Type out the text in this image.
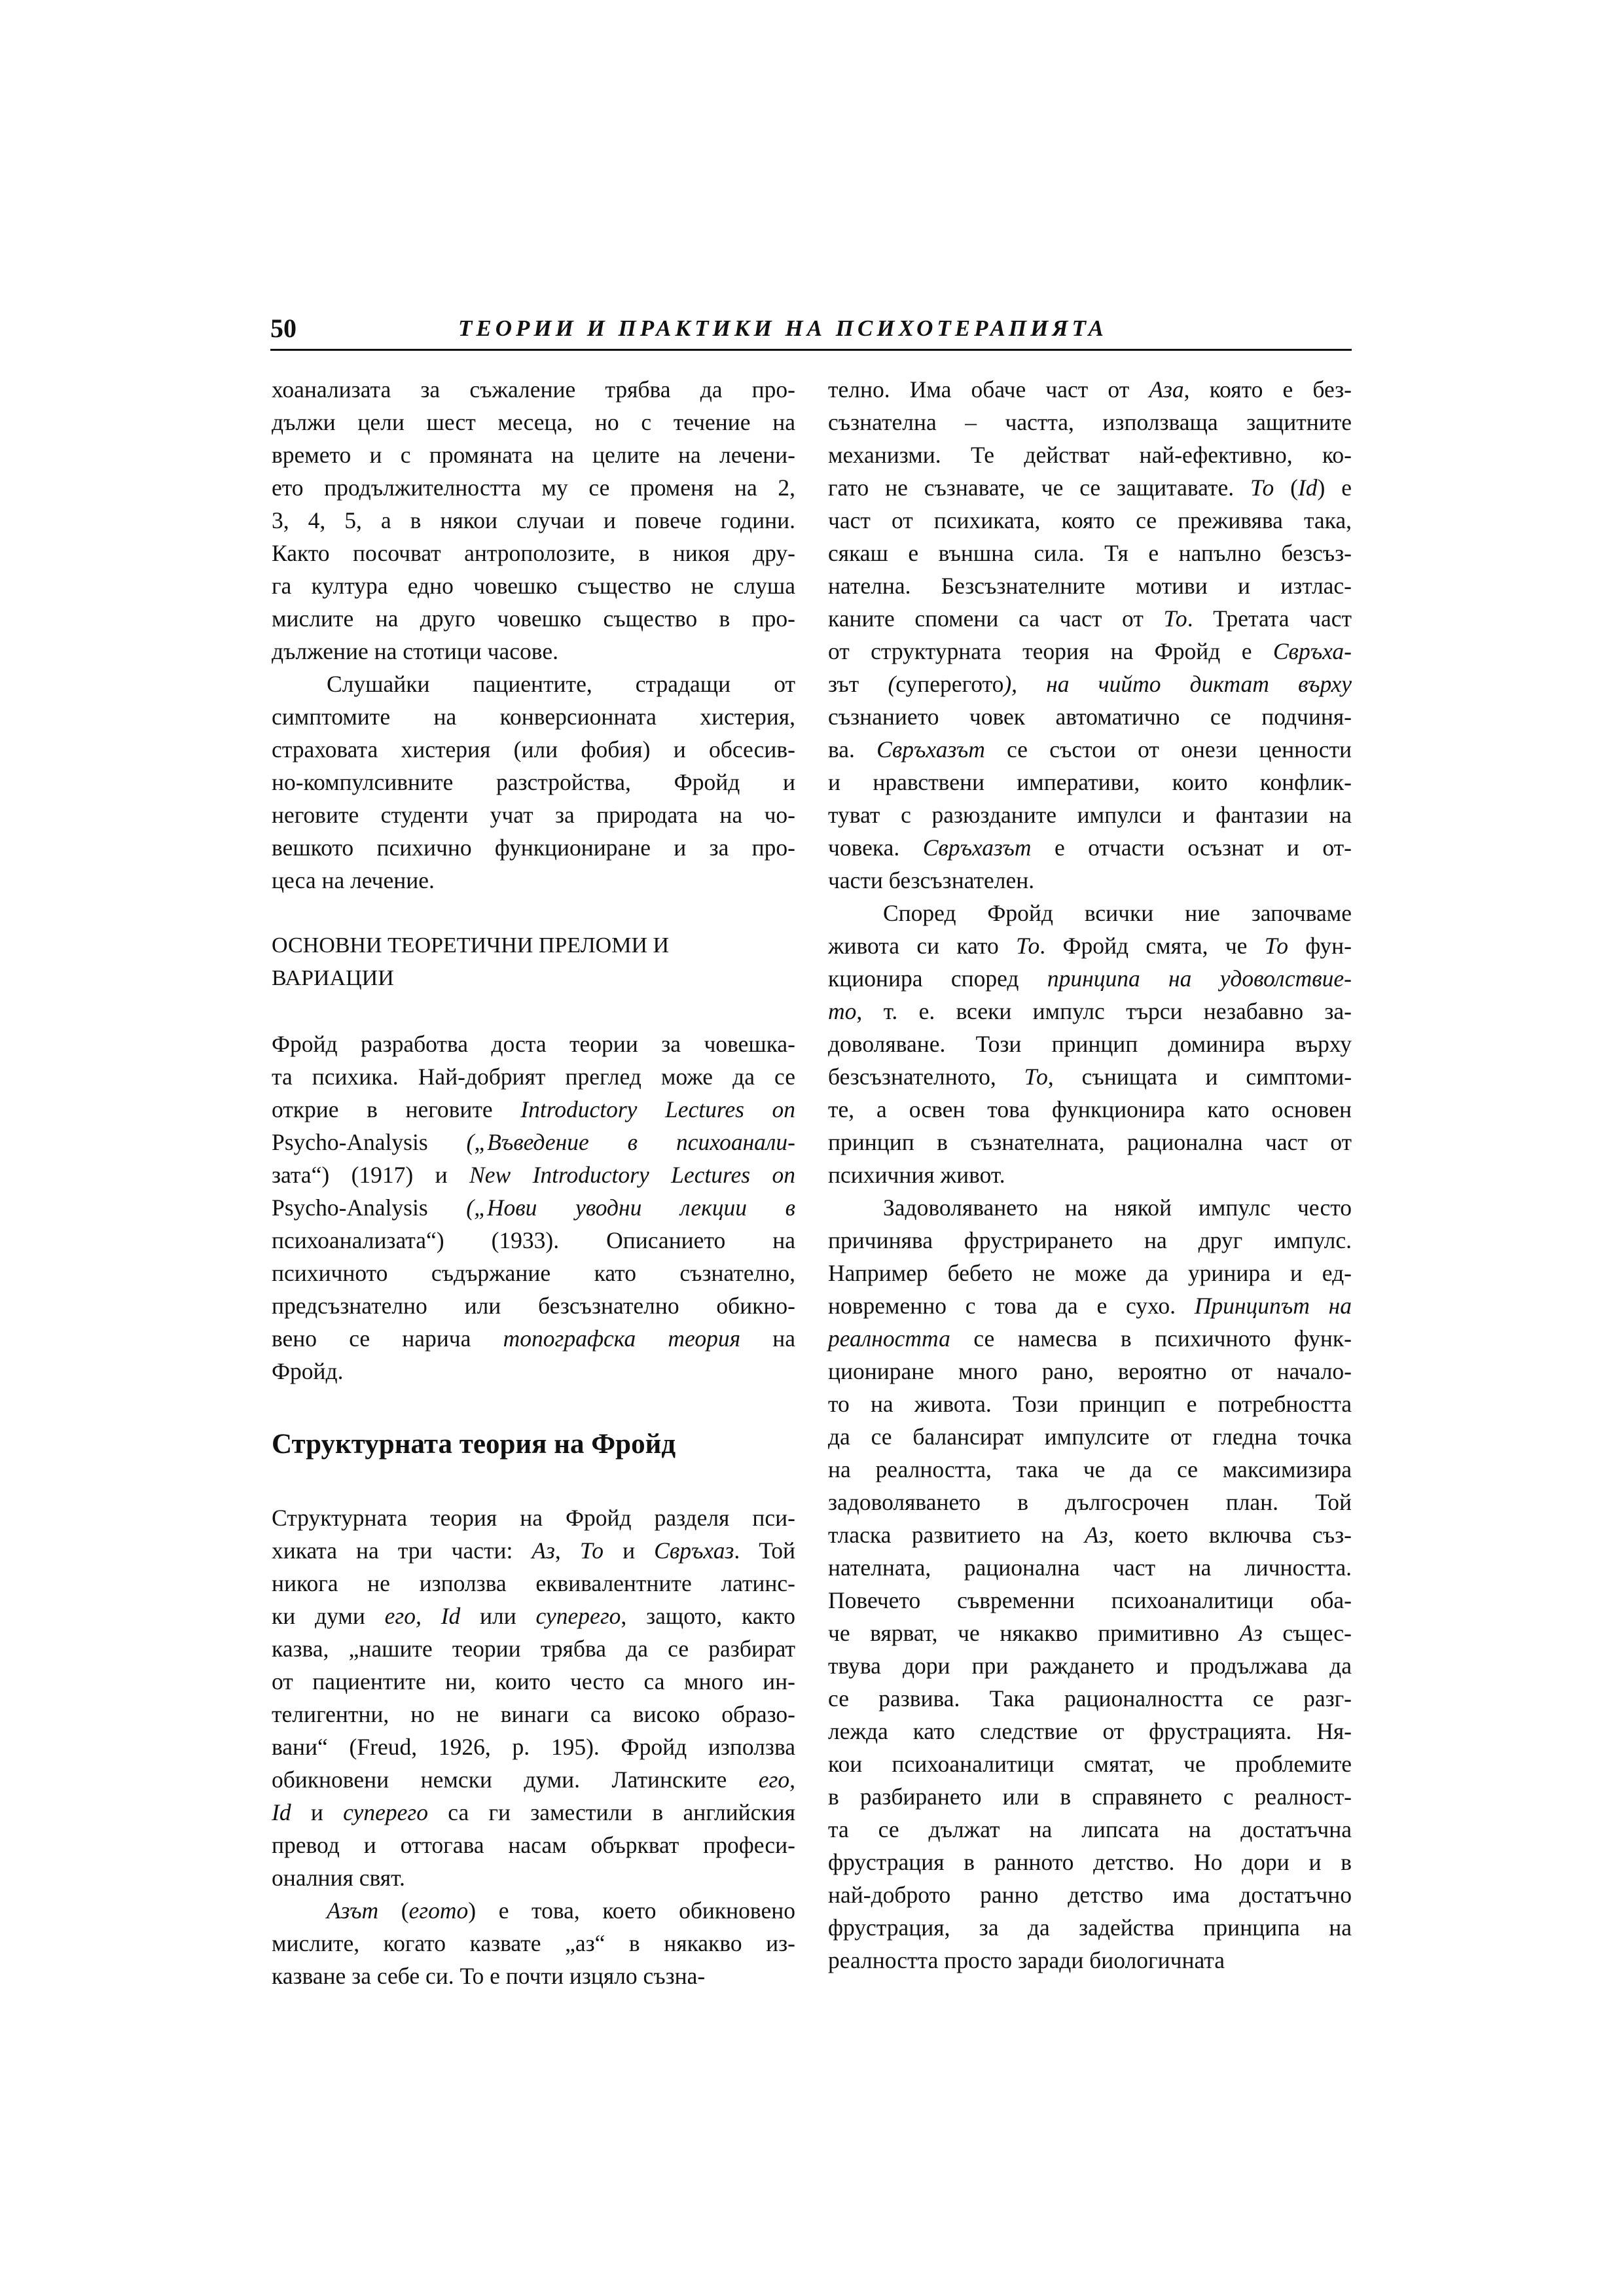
50	ТЕОРИИ И ПРАКТИКИ НА ПСИХОТЕРАПИЯТА
хоанализата за съжаление трябва да про-
дължи цели шест месеца, но с течение на
времето и с промяната на целите на лечени-
ето продължителността му се променя на 2,
3, 4, 5, а в някои случаи и повече години.
Както посочват антрополозите, в никоя дру-
га култура едно човешко същество не слуша
мислите на друго човешко същество в про-
дължение на стотици часове.
Слушайки пациентите, страдащи от
симптомите на конверсионната хистерия,
страховата хистерия (или фобия) и обсесив-
но-компулсивните разстройства, Фройд и
неговите студенти учат за природата на чо-
вешкото психично функциониране и за про-
цеса на лечение.
ОСНОВНИ ТЕОРЕТИЧНИ ПРЕЛОМИ И
ВАРИАЦИИ
Фройд разработва доста теории за човешка-
та психика. Най-добрият преглед може да се
открие в неговите Introductory Lectures on
Psycho-Analysis („Въведение в психоанали-
зата“) (1917) и New Introductory Lectures on
Psycho-Analysis („Нови уводни лекции в
психоанализата“) (1933). Описанието на
психичното съдържание като съзнателно,
предсъзнателно или безсъзнателно обикно-
вено се нарича топографска теория на
Фройд.
Структурната теория на Фройд
Структурната теория на Фройд разделя пси-
хиката на три части: Аз, То и Свръхаз. Той
никога не използва еквивалентните латинс-
ки думи его, Id или суперего, защото, както
казва, „нашите теории трябва да се разбират
от пациентите ни, които често са много ин-
телигентни, но не винаги са високо образо-
вани“ (Freud, 1926, p. 195). Фройд използва
обикновени немски думи. Латинските его,
Id и суперего са ги заместили в английския
превод и оттогава насам объркват професи-
оналния свят.
Азът (егото) е това, което обикновено
мислите, когато казвате „аз“ в някакво из-
казване за себе си. То е почти изцяло съзна-
телно. Има обаче част от Аза, която е без-
съзнателна – частта, използваща защитните
механизми. Те действат най-ефективно, ко-
гато не съзнавате, че се защитавате. То (Id) е
част от психиката, която се преживява така,
сякаш е външна сила. Тя е напълно безсъз-
нателна. Безсъзнателните мотиви и изтлас-
каните спомени са част от То. Третата част
от структурната теория на Фройд е Свръха-
зът (суперегото), на чийто диктат върху
съзнанието човек автоматично се подчиня-
ва. Свръхазът се състои от онези ценности
и нравствени императиви, които конфлик-
туват с разюзданите импулси и фантазии на
човека. Свръхазът е отчасти осъзнат и от-
части безсъзнателен.
Според Фройд всички ние започваме
живота си като То. Фройд смята, че То фун-
кционира според принципа на удоволствие-
то, т. е. всеки импулс търси незабавно за-
доволяване. Този принцип доминира върху
безсъзнателното, То, сънищата и симптоми-
те, а освен това функционира като основен
принцип в съзнателната, рационална част от
психичния живот.
Задоволяването на някой импулс често
причинява фрустрирането на друг импулс.
Например бебето не може да уринира и ед-
новременно с това да е сухо. Принципът на
реалността се намесва в психичното функ-
циониране много рано, вероятно от начало-
то на живота. Този принцип е потребността
да се балансират импулсите от гледна точка
на реалността, така че да се максимизира
задоволяването в дългосрочен план. Той
тласка развитието на Аз, което включва съз-
нателната, рационална част на личността.
Повечето съвременни психоаналитици оба-
че вярват, че някакво примитивно Аз същес-
твува дори при раждането и продължава да
се развива. Така рационалността се разг-
лежда като следствие от фрустрацията. Ня-
кои психоаналитици смятат, че проблемите
в разбирането или в справянето с реалност-
та се дължат на липсата на достатъчна
фрустрация в ранното детство. Но дори и в
най-доброто ранно детство има достатъчно
фрустрация, за да задейства принципа на
реалността просто заради биологичната
